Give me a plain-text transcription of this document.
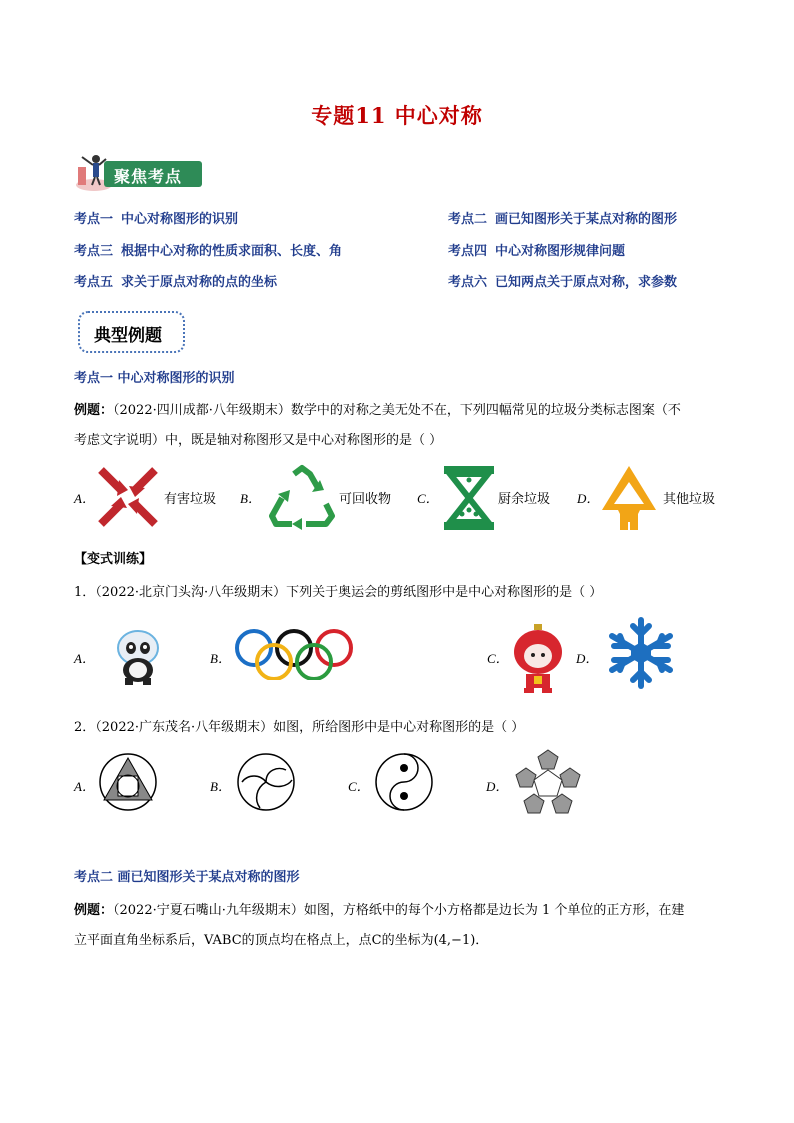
专题11 中心对称
聚焦考点
考点一 中心对称图形的识别	考点二 画已知图形关于某点对称的图形
考点三 根据中心对称的性质求面积、长度、角	考点四 中心对称图形规律问题
考点五 求关于原点对称的点的坐标	考点六 已知两点关于原点对称，求参数
典型例题
考点一 中心对称图形的识别
例题：（2022·四川成都·八年级期末）数学中的对称之美无处不在，下列四幅常见的垃圾分类标志图案（不
考虑文字说明）中，既是轴对称图形又是中心对称图形的是（ ）
A．	有害垃圾 B．	可回收物 C．	厨余垃圾 D．	其他垃圾
【变式训练】
1．（2022·北京门头沟·八年级期末）下列关于奥运会的剪纸图形中是中心对称图形的是（ ）
A．	B．	C．	D．
2．（2022·广东茂名·八年级期末）如图，所给图形中是中心对称图形的是（ ）
A．	B．	C．	D．
考点二 画已知图形关于某点对称的图形
例题：（2022·宁夏石嘴山·九年级期末）如图，方格纸中的每个小方格都是边长为 1 个单位的正方形，在建
立平面直角坐标系后，VABC的顶点均在格点上，点C的坐标为(4,−1)．
